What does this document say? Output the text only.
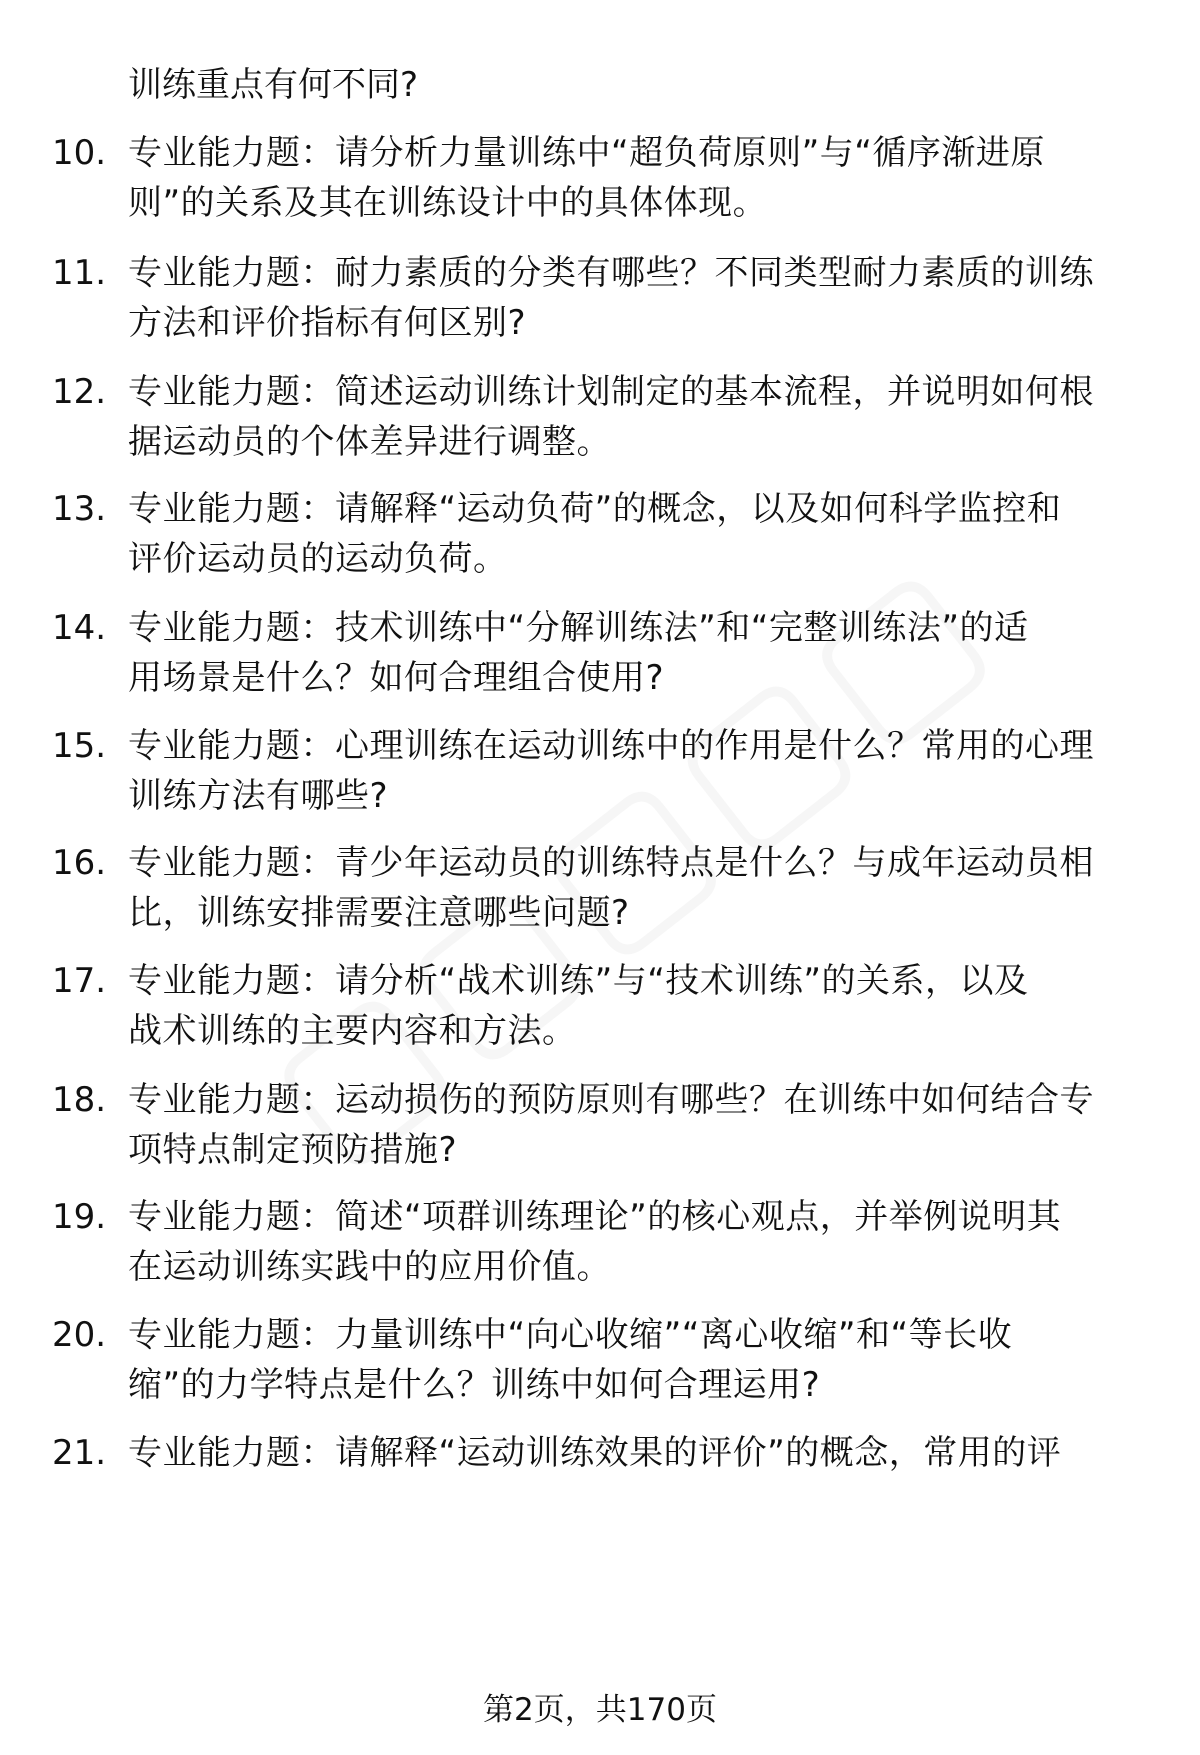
训练重点有何不同?
10. 专业能力题：请分析力量训练中“超负荷原则”与“循序渐进原
则”的关系及其在训练设计中的具体体现。
11. 专业能力题：耐力素质的分类有哪些？不同类型耐力素质的训练
方法和评价指标有何区别?
12. 专业能力题：简述运动训练计划制定的基本流程，并说明如何根
据运动员的个体差异进行调整。
13. 专业能力题：请解释“运动负荷”的概念，以及如何科学监控和
评价运动员的运动负荷。
14. 专业能力题：技术训练中“分解训练法”和“完整训练法”的适
用场景是什么？如何合理组合使用?
15. 专业能力题：心理训练在运动训练中的作用是什么？常用的心理
训练方法有哪些?
16. 专业能力题：青少年运动员的训练特点是什么？与成年运动员相
比，训练安排需要注意哪些问题?
17. 专业能力题：请分析“战术训练”与“技术训练”的关系，以及
战术训练的主要内容和方法。
18. 专业能力题：运动损伤的预防原则有哪些？在训练中如何结合专
项特点制定预防措施?
19. 专业能力题：简述“项群训练理论”的核心观点，并举例说明其
在运动训练实践中的应用价值。
20. 专业能力题：力量训练中“向心收缩”“离心收缩”和“等长收
缩”的力学特点是什么？训练中如何合理运用?
21. 专业能力题：请解释“运动训练效果的评价”的概念，常用的评
第2页，共170页
